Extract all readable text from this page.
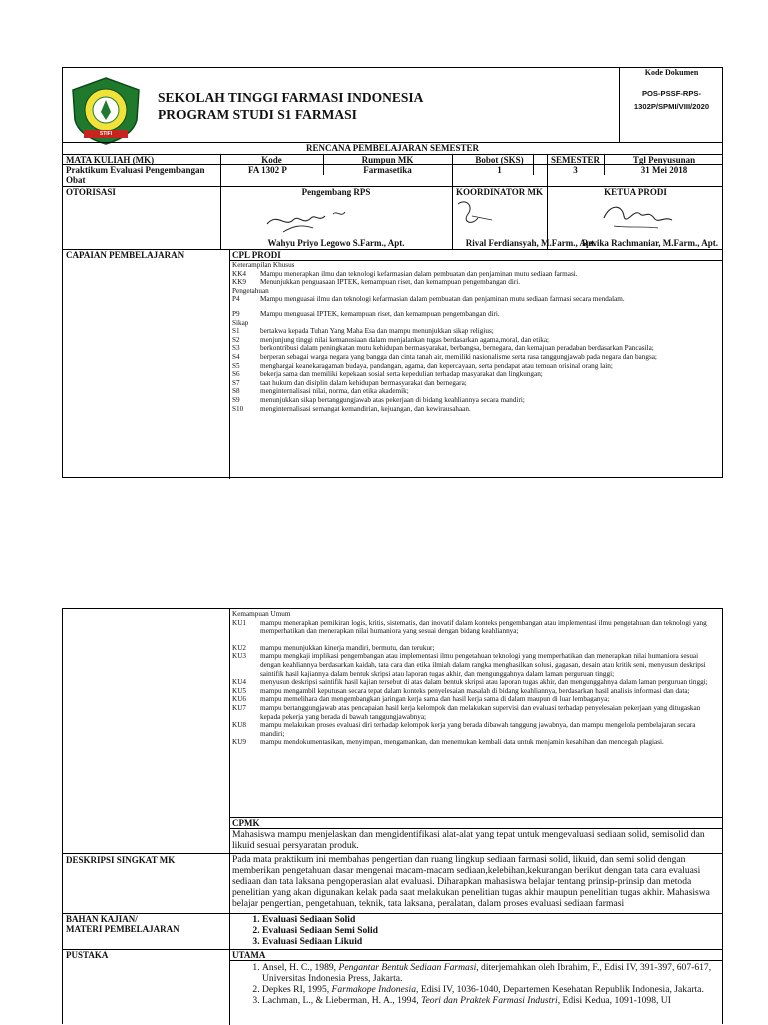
STIFI
SEKOLAH TINGGI FARMASI INDONESIA
PROGRAM STUDI S1 FARMASI
Kode Dokumen
POS-PSSF-RPS-
1302P/SPMI/VIII/2020
RENCANA PEMBELAJARAN SEMESTER
MATA KULIAH (MK)	Kode	Rumpun MK	Bobot (SKS)	SEMESTER	Tgl Penyusunan
Praktikum Evaluasi Pengembangan Obat
FA 1302 P	Farmasetika	1	3	31 Mei 2018
OTORISASI	Pengembang RPS	KOORDINATOR MK	KETUA PRODI
Wahyu Priyo Legowo S.Farm., Apt.	Rival Ferdiansyah, M.Farm., Apt.
Revika Rachmaniar, M.Farm., Apt.
CAPAIAN PEMBELAJARAN	CPL PRODI
Keterampilan Khusus
KK4 Mampu menerapkan ilmu dan teknologi kefarmasian dalam pembuatan dan penjaminan mutu sediaan farmasi.
KK9 Menunjukkan penguasaan IPTEK, kemampuan riset, dan kemampuan pengembangan diri.
Pengetahuan
P4	Mampu menguasai ilmu dan teknologi kefarmasian dalam pembuatan dan penjaminan mutu sediaan farmasi secara mendalam.
P9	Mampu menguasai IPTEK, kemampuan riset, dan kemampuan pengembangan diri.
Sikap
S1	bertakwa kepada Tuhan Yang Maha Esa dan mampu menunjukkan sikap religius;
S2	menjunjung tinggi nilai kemanusiaan dalam menjalankan tugas berdasarkan agama,moral, dan etika;
S3	berkontribusi dalam peningkatan mutu kehidupan bermasyarakat, berbangsa, bernegara, dan kemajuan peradaban berdasarkan Pancasila;
S4	berperan sebagai warga negara yang bangga dan cinta tanah air, memiliki nasionalisme serta rasa tanggungjawab pada negara dan bangsa;
S5	menghargai keanekaragaman budaya, pandangan, agama, dan kepercayaan, serta pendapat atau temuan orisinal orang lain;
S6	bekerja sama dan memiliki kepekaan sosial serta kepedulian terhadap masyarakat dan lingkungan;
S7	taat hukum dan disiplin dalam kehidupan bermasyarakat dan bernegara;
S8	menginternalisasi nilai, norma, dan etika akademik;
S9	menunjukkan sikap bertanggungjawab atas pekerjaan di bidang keahliannya secara mandiri;
S10 menginternalisasi semangat kemandirian, kejuangan, dan kewirausahaan.
Kemampuan Umum
KU1 mampu menerapkan pemikiran logis, kritis, sistematis, dan inovatif dalam konteks pengembangan atau implementasi ilmu pengetahuan dan teknologi yang memperhatikan dan menerapkan nilai humaniora yang sesuai dengan bidang keahliannya;
KU2 mampu menunjukkan kinerja mandiri, bermutu, dan terukur;
KU3 mampu mengkaji implikasi pengembangan atau implementasi ilmu pengetahuan teknologi yang memperhatikan dan menerapkan nilai humaniora sesuai dengan keahliannya berdasarkan kaidah, tata cara dan etika ilmiah dalam rangka menghasilkan solusi, gagasan, desain atau kritik seni, menyusun deskripsi saintifik hasil kajiannya dalam bentuk skripsi atau laporan tugas akhir, dan mengunggahnya dalam laman perguruan tinggi;
KU4 menyusun deskripsi saintifik hasil kajian tersebut di atas dalam bentuk skripsi atau laporan tugas akhir, dan mengunggahnya dalam laman perguruan tinggi;
KU5 mampu mengambil keputusan secara tepat dalam konteks penyelesaian masalah di bidang keahliannya, berdasarkan hasil analisis informasi dan data;
KU6 mampu memelihara dan mengembangkan jaringan kerja sama dan hasil kerja sama di dalam maupun di luar lembaganya;
KU7 mampu bertanggungjawab atas pencapaian hasil kerja kelompok dan melakukan supervisi dan evaluasi terhadap penyelesaian pekerjaan yang ditugaskan kepada pekerja yang berada di bawah tanggungjawabnya;
KU8 mampu melakukan proses evaluasi diri terhadap kelompok kerja yang berada dibawah tanggung jawabnya, dan mampu mengelola pembelajaran secara mandiri;
KU9 mampu mendokumentasikan, menyimpan, mengamankan, dan menemukan kembali data untuk menjamin kesahihan dan mencegah plagiasi.
CPMK
Mahasiswa mampu menjelaskan dan mengidentifikasi alat-alat yang tepat untuk mengevaluasi sediaan solid, semisolid dan likuid sesuai persyaratan produk.
DESKRIPSI SINGKAT MK	Pada mata praktikum ini membahas pengertian dan ruang lingkup sediaan farmasi solid, likuid, dan semi solid dengan memberikan pengetahuan dasar mengenai macam-macam sediaan,kelebihan,kekurangan berikut dengan tata cara evaluasi sediaan dan tata laksana pengoperasian alat evaluasi. Diharapkan mahasiswa belajar tentang prinsip-prinsip dan metoda penelitian yang akan digunakan kelak pada saat melakukan penelitian tugas akhir maupun penelitian tugas akhir. Mahasiswa belajar pengertian, pengetahuan, teknik, tata laksana, peralatan, dalam proses evaluasi sediaan farmasi
BAHAN KAJIAN/
MATERI PEMBELAJARAN
1. Evaluasi Sediaan Solid
2. Evaluasi Sediaan Semi Solid
3. Evaluasi Sediaan Likuid
PUSTAKA	UTAMA
1. Ansel, H. C., 1989, Pengantar Bentuk Sediaan Farmasi, diterjemahkan oleh Ibrahim, F., Edisi IV, 391-397, 607-617, Universitas Indonesia Press, Jakarta.
2. Depkes RI, 1995, Farmakope Indonesia, Edisi IV, 1036-1040, Departemen Kesehatan Republik Indonesia, Jakarta.
3. Lachman, L., & Lieberman, H. A., 1994, Teori dan Praktek Farmasi Industri, Edisi Kedua, 1091-1098, UI
